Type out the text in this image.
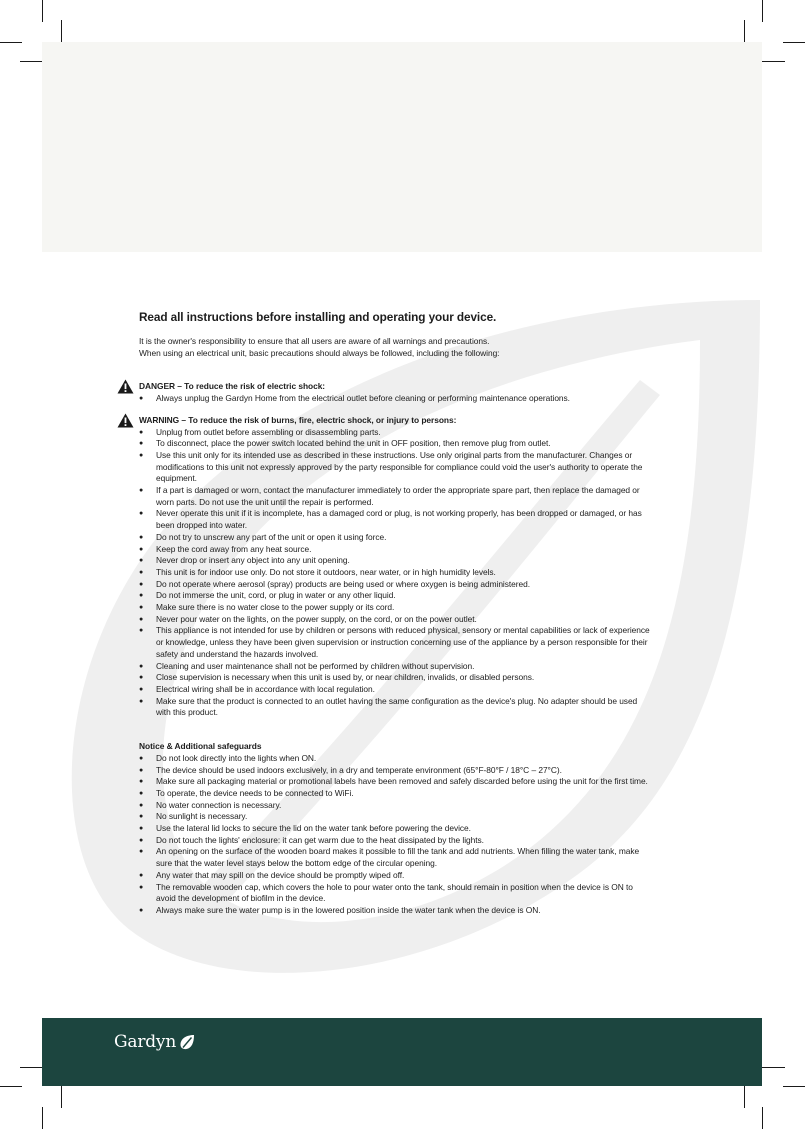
Read all instructions before installing and operating your device.

It is the owner's responsibility to ensure that all users are aware of all warnings and precautions.

When using an electrical unit, basic precautions should always be followed, including the following:

DANGER – To reduce the risk of electric shock:
● Always unplug the Gardyn Home from the electrical outlet before cleaning or performing maintenance operations.
WARNING – To reduce the risk of burns, fire, electric shock, or injury to persons:
● Unplug from outlet before assembling or disassembling parts.
● To disconnect, place the power switch located behind the unit in OFF position, then remove plug from outlet.
● Use this unit only for its intended use as described in these instructions. Use only original parts from the manufacturer. Changes or modifications to this unit not expressly approved by the party responsible for compliance could void the user's authority to operate the equipment.
● If a part is damaged or worn, contact the manufacturer immediately to order the appropriate spare part, then replace the damaged or worn parts. Do not use the unit until the repair is performed.
● Never operate this unit if it is incomplete, has a damaged cord or plug, is not working properly, has been dropped or damaged, or has been dropped into water.
● Do not try to unscrew any part of the unit or open it using force.
● Keep the cord away from any heat source.
● Never drop or insert any object into any unit opening.
● This unit is for indoor use only. Do not store it outdoors, near water, or in high humidity levels.
● Do not operate where aerosol (spray) products are being used or where oxygen is being administered.
● Do not immerse the unit, cord, or plug in water or any other liquid.
● Make sure there is no water close to the power supply or its cord.
● Never pour water on the lights, on the power supply, on the cord, or on the power outlet.
● This appliance is not intended for use by children or persons with reduced physical, sensory or mental capabilities or lack of experience or knowledge, unless they have been given supervision or instruction concerning use of the appliance by a person responsible for their safety and understand the hazards involved.
● Cleaning and user maintenance shall not be performed by children without supervision.
● Close supervision is necessary when this unit is used by, or near children, invalids, or disabled persons.
● Electrical wiring shall be in accordance with local regulation.
● Make sure that the product is connected to an outlet having the same configuration as the device's plug. No adapter should be used with this product.
Notice & Additional safeguards
● Do not look directly into the lights when ON.
● The device should be used indoors exclusively, in a dry and temperate environment (65°F-80°F / 18°C – 27°C).
● Make sure all packaging material or promotional labels have been removed and safely discarded before using the unit for the first time.
● To operate, the device needs to be connected to WiFi.
● No water connection is necessary.
● No sunlight is necessary.
● Use the lateral lid locks to secure the lid on the water tank before powering the device.
● Do not touch the lights' enclosure: it can get warm due to the heat dissipated by the lights.
● An opening on the surface of the wooden board makes it possible to fill the tank and add nutrients. When filling the water tank, make sure that the water level stays below the bottom edge of the circular opening.
● Any water that may spill on the device should be promptly wiped off.
● The removable wooden cap, which covers the hole to pour water onto the tank, should remain in position when the device is ON to avoid the development of biofilm in the device.
● Always make sure the water pump is in the lowered position inside the water tank when the device is ON.
Gardyn
